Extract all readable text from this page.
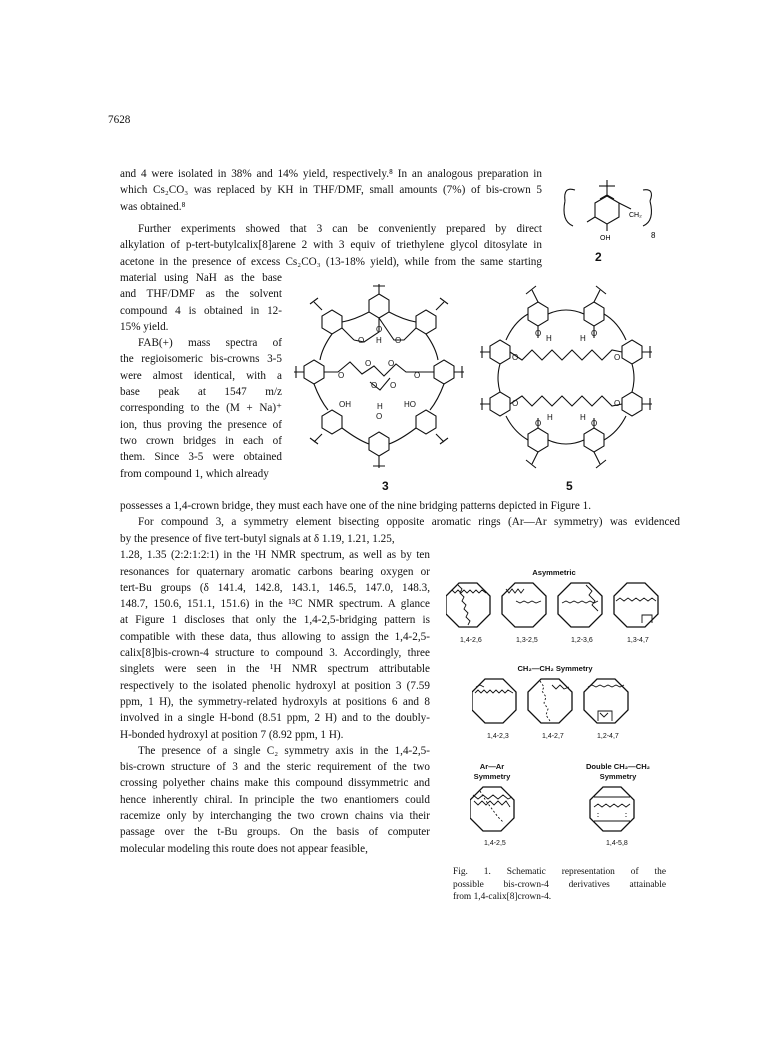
7628

and 4 were isolated in 38% and 14% yield, respectively.⁸ In an analogous preparation in

which Cs₂CO₃ was replaced by KH in THF/DMF, small amounts (7%) of bis-crown 5

was obtained.⁸

Further experiments showed that 3 can be conveniently prepared by direct

alkylation of p-tert-butylcalix[8]arene 2 with 3 equiv of triethylene glycol ditosylate in

acetone in the presence of excess Cs₂CO₃ (13-18% yield), while from the same starting

material using NaH as the base

and THF/DMF as the solvent

compound 4 is obtained in 12-

15% yield.

FAB(+) mass spectra of

the regioisomeric bis-crowns 3-5

were almost identical, with a

base peak at 1547 m/z

corresponding to the (M + Na)⁺

ion, thus proving the presence of

two crown bridges in each of

them. Since 3-5 were obtained

from compound 1, which already

possesses a 1,4-crown bridge, they must each have one of the nine bridging patterns depicted in Figure 1.

For compound 3, a symmetry element bisecting opposite aromatic rings (Ar—Ar symmetry) was evidenced

by the presence of five tert-butyl signals at δ 1.19, 1.21, 1.25,

1.28, 1.35 (2:2:1:2:1) in the ¹H NMR spectrum, as well as by ten

resonances for quaternary aromatic carbons bearing oxygen or

tert-Bu groups (δ 141.4, 142.8, 143.1, 146.5, 147.0, 148.3,

148.7, 150.6, 151.1, 151.6) in the ¹³C NMR spectrum. A glance

at Figure 1 discloses that only the 1,4-2,5-bridging pattern is

compatible with these data, thus allowing to assign the 1,4-2,5-

calix[8]bis-crown-4 structure to compound 3. Accordingly, three

singlets were seen in the ¹H NMR spectrum attributable

respectively to the isolated phenolic hydroxyl at position 3 (7.59

ppm, 1 H), the symmetry-related hydroxyls at positions 6 and 8

involved in a single H-bond (8.51 ppm, 2 H) and to the doubly-

H-bonded hydroxyl at position 7 (8.92 ppm, 1 H).

The presence of a single C₂ symmetry axis in the 1,4-2,5-

bis-crown structure of 3 and the steric requirement of the two

crossing polyether chains make this compound dissymmetric and

hence inherently chiral. In principle the two enantiomers could

racemize only by interchanging the two crown chains via their

passage over the t-Bu groups. On the basis of computer

molecular modeling this route does not appear feasible,

CH₂
OH	8
2
O
H
O	O
O O
O	O
O O
OH	H	HO
O
3
O
H	H
O
O	O
O	O
H	H
O	O
5
Asymmetric
1,4-2,6	1,3-2,5	1,2-3,6	1,3-4,7
CH₂—CH₂ Symmetry
1,4-2,3	1,4-2,7	1,2-4,7
Ar—Ar
Symmetry
Double CH₂—CH₂
Symmetry
1,4-2,5	1,4-5,8
Fig. 1. Schematic representation of the
possible bis-crown-4 derivatives attainable
from 1,4-calix[8]crown-4.
